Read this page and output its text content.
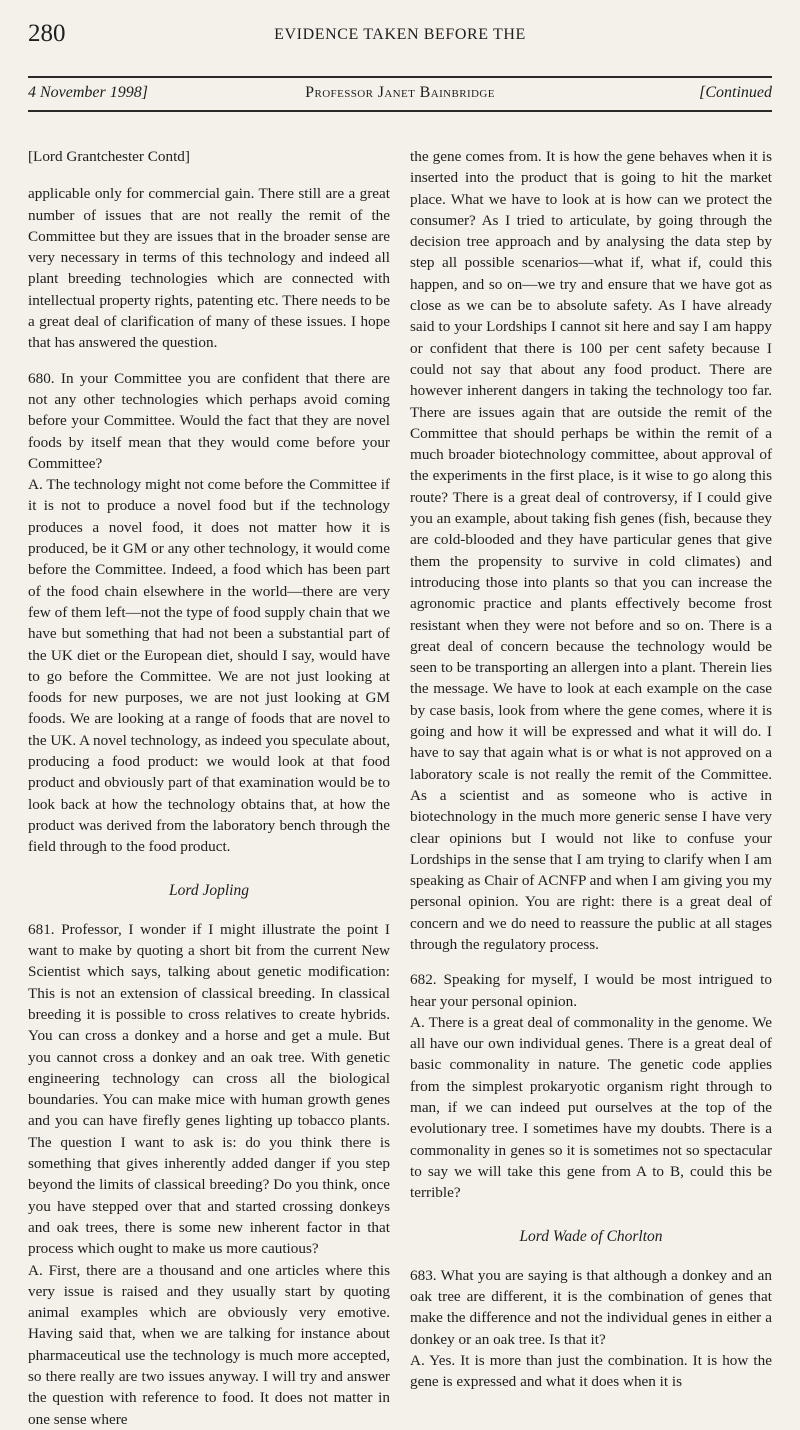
280	EVIDENCE TAKEN BEFORE THE
4 November 1998]	Professor Janet Bainbridge	[Continued

[Lord Grantchester Contd]

applicable only for commercial gain. There still are a great number of issues that are not really the remit of the Committee but they are issues that in the broader sense are very necessary in terms of this technology and indeed all plant breeding technologies which are connected with intellectual property rights, patenting etc. There needs to be a great deal of clarification of many of these issues. I hope that has answered the question.

680. In your Committee you are confident that there are not any other technologies which perhaps avoid coming before your Committee. Would the fact that they are novel foods by itself mean that they would come before your Committee?

A. The technology might not come before the Committee if it is not to produce a novel food but if the technology produces a novel food, it does not matter how it is produced, be it GM or any other technology, it would come before the Committee. Indeed, a food which has been part of the food chain elsewhere in the world—there are very few of them left—not the type of food supply chain that we have but something that had not been a substantial part of the UK diet or the European diet, should I say, would have to go before the Committee. We are not just looking at foods for new purposes, we are not just looking at GM foods. We are looking at a range of foods that are novel to the UK. A novel technology, as indeed you speculate about, producing a food product: we would look at that food product and obviously part of that examination would be to look back at how the technology obtains that, at how the product was derived from the laboratory bench through the field through to the food product.

Lord Jopling

681. Professor, I wonder if I might illustrate the point I want to make by quoting a short bit from the current New Scientist which says, talking about genetic modification: This is not an extension of classical breeding. In classical breeding it is possible to cross relatives to create hybrids. You can cross a donkey and a horse and get a mule. But you cannot cross a donkey and an oak tree. With genetic engineering technology can cross all the biological boundaries. You can make mice with human growth genes and you can have firefly genes lighting up tobacco plants. The question I want to ask is: do you think there is something that gives inherently added danger if you step beyond the limits of classical breeding? Do you think, once you have stepped over that and started crossing donkeys and oak trees, there is some new inherent factor in that process which ought to make us more cautious?

A. First, there are a thousand and one articles where this very issue is raised and they usually start by quoting animal examples which are obviously very emotive. Having said that, when we are talking for instance about pharmaceutical use the technology is much more accepted, so there really are two issues anyway. I will try and answer the question with reference to food. It does not matter in one sense where

the gene comes from. It is how the gene behaves when it is inserted into the product that is going to hit the market place. What we have to look at is how can we protect the consumer? As I tried to articulate, by going through the decision tree approach and by analysing the data step by step all possible scenarios—what if, what if, could this happen, and so on—we try and ensure that we have got as close as we can be to absolute safety. As I have already said to your Lordships I cannot sit here and say I am happy or confident that there is 100 per cent safety because I could not say that about any food product. There are however inherent dangers in taking the technology too far. There are issues again that are outside the remit of the Committee that should perhaps be within the remit of a much broader biotechnology committee, about approval of the experiments in the first place, is it wise to go along this route? There is a great deal of controversy, if I could give you an example, about taking fish genes (fish, because they are cold-blooded and they have particular genes that give them the propensity to survive in cold climates) and introducing those into plants so that you can increase the agronomic practice and plants effectively become frost resistant when they were not before and so on. There is a great deal of concern because the technology would be seen to be transporting an allergen into a plant. Therein lies the message. We have to look at each example on the case by case basis, look from where the gene comes, where it is going and how it will be expressed and what it will do. I have to say that again what is or what is not approved on a laboratory scale is not really the remit of the Committee. As a scientist and as someone who is active in biotechnology in the much more generic sense I have very clear opinions but I would not like to confuse your Lordships in the sense that I am trying to clarify when I am speaking as Chair of ACNFP and when I am giving you my personal opinion. You are right: there is a great deal of concern and we do need to reassure the public at all stages through the regulatory process.

682. Speaking for myself, I would be most intrigued to hear your personal opinion.

A. There is a great deal of commonality in the genome. We all have our own individual genes. There is a great deal of basic commonality in nature. The genetic code applies from the simplest prokaryotic organism right through to man, if we can indeed put ourselves at the top of the evolutionary tree. I sometimes have my doubts. There is a commonality in genes so it is sometimes not so spectacular to say we will take this gene from A to B, could this be terrible?

Lord Wade of Chorlton

683. What you are saying is that although a donkey and an oak tree are different, it is the combination of genes that make the difference and not the individual genes in either a donkey or an oak tree. Is that it?

A. Yes. It is more than just the combination. It is how the gene is expressed and what it does when it is
